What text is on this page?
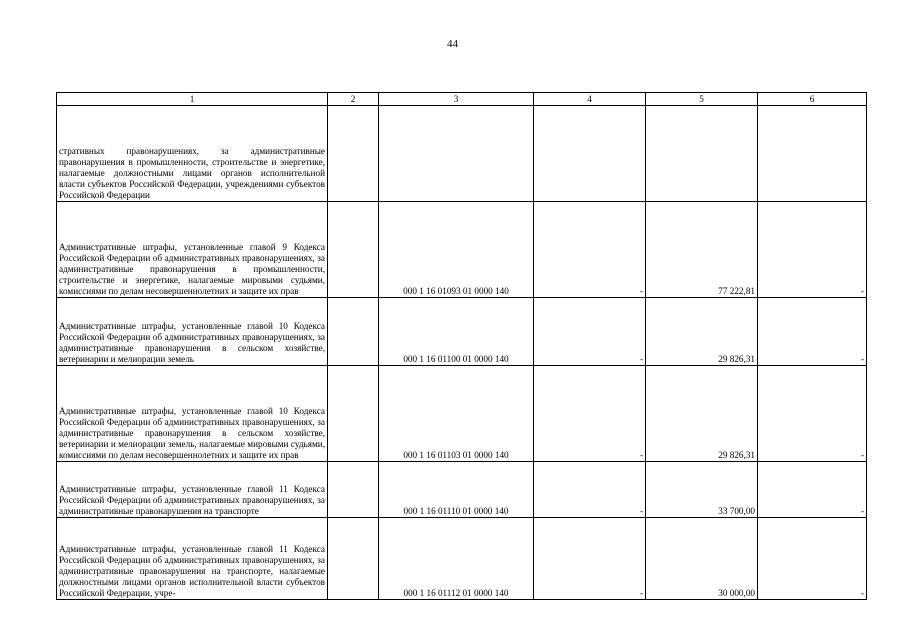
44
1	2	3	4	5	6
стративных правонарушениях, за административные правонарушения в промышленности, строительстве и энергетике, налагаемые должностными лицами органов исполнительной власти субъектов Российской Федерации, учреждениями субъектов Российской Федерации					
Административные штрафы, установленные главой 9 Кодекса Российской Федерации об административных правонарушениях, за административные правонарушения в промышленности, строительстве и энергетике, налагаемые мировыми судьями, комиссиями по делам несовершеннолетних и защите их прав		000 1 16 01093 01 0000 140	-	77 222,81	-
Административные штрафы, установленные главой 10 Кодекса Российской Федерации об административных правонарушениях, за административные правонарушения в сельском хозяйстве, ветеринарии и мелиорации земель		000 1 16 01100 01 0000 140	-	29 826,31	-
Административные штрафы, установленные главой 10 Кодекса Российской Федерации об административных правонарушениях, за административные правонарушения в сельском хозяйстве, ветеринарии и мелиорации земель, налагаемые мировыми судьями, комиссиями по делам несовершеннолетних и защите их прав		000 1 16 01103 01 0000 140	-	29 826,31	-
Административные штрафы, установленные главой 11 Кодекса Российской Федерации об административных правонарушениях, за административные правонарушения на транспорте		000 1 16 01110 01 0000 140	-	33 700,00	-
Административные штрафы, установленные главой 11 Кодекса Российской Федерации об административных правонарушениях, за административные правонарушения на транспорте, налагаемые должностными лицами органов исполнительной власти субъектов Российской Федерации, учре-		000 1 16 01112 01 0000 140	-	30 000,00	-
